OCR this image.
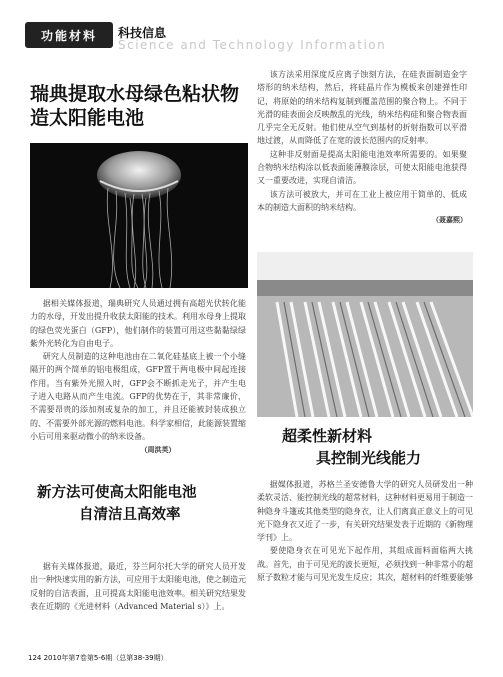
功能材料	科技信息
Science and Technology Information
瑞典提取水母绿色粘状物
造太阳能电池

该方法采用深度反应离子蚀刻方法，在硅表面制造金字塔形的纳米结构，然后，将硅晶片作为模板来创建弹性印记，将原始的纳米结构复制到覆盖范围的聚合物上。不同于光滑的硅表面会反映散乱的光线，纳米结构硅和聚合物表面几乎完全无反射。他们使从空气到基材的折射指数可以平滑地过渡，从而降低了在宽的波长范围内的反射率。

这种非反射面是提高太阳能电池效率所需要的。如果聚合物纳米结构涂以低表面能薄膜涂层，可使太阳能电池获得又一重要改进，实现自清洁。

该方法可被放大，并可在工业上被应用于简单的、低成本的制造大面积的纳米结构。

（聂嘉熙）

据相关媒体报道，瑞典研究人员通过拥有高超光伏转化能力的水母，开发出提升收获太阳能的技术。利用水母身上提取的绿色荧光蛋白（GFP），他们制作的装置可用这些黏黏绿绿紫外光转化为自由电子。

研究人员制造的这种电池由在二氧化硅基底上被一个小缝隔开的两个简单的铝电极组成，GFP置于两电极中间起连接作用。当有紫外光照入时，GFP会不断抓走光子，并产生电子进入电路从而产生电流。GFP的优势在于，其非常廉价，不需要昂贵的添加剂或复杂的加工，并且还能被封装成独立的、不需要外部光源的燃料电池。科学家相信，此能源装置缩小后可用来驱动微小的纳米设备。

（周洪英）
超柔性新材料
具控制光线能力

据媒体报道，苏格兰圣安德鲁大学的研究人员研发出一种柔软灵活、能控制光线的超常材料，这种材料更易用于制造一种隐身斗篷或其他类型的隐身衣，让人们离真正意义上的可见光下隐身衣又近了一步，有关研究结果发表于近期的《新物理学刊》上。

要使隐身衣在可见光下起作用，其组成面料面临两大挑战。首先，由于可见光的波长更短，必须找到一种非常小的超原子数粒才能与可见光发生反应；其次，超材料的纤维要能够

新方法可使高太阳能电池
自清洁且高效率

据有关媒体报道，最近，芬兰阿尔托大学的研究人员开发出一种快速实用的新方法，可应用于太阳能电池，使之制造元反射的自洁表面，且可提高太阳能电池效率。相关研究结果发表在近期的《光进材料（Advanced Material s）》上。

124 2010年第7卷第5-6期（总第38-39期）
